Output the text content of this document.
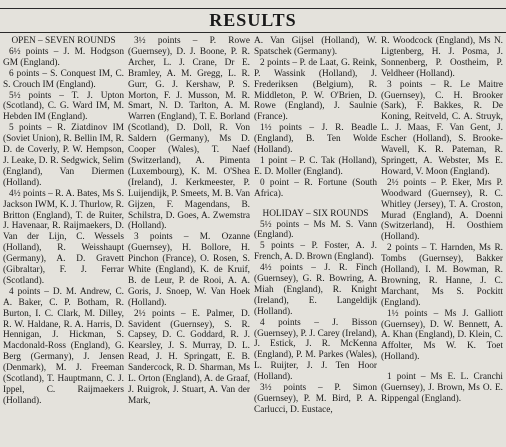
RESULTS

OPEN – SEVEN ROUNDS

6½ points – J. M. Hodgson GM (England).

6 points – S. Conquest IM, C. S. Crouch IM (England).

5½ points – T. J. Upton (Scotland), C. G. Ward IM, M. Hebden IM (England).

5 points – R. Ziatdinov IM (Soviet Union), R. Bellin IM, R. D. de Coverly, P. W. Hempson, J. Leake, D. R. Sedgwick, Selim (England), Van Diermen (Holland).

4½ points – R. A. Bates, Ms S. Jackson IWM, K. J. Thurlow, R. Britton (England), T. de Ruiter, J. Havenaar, R. Raijmaekers, D. Van der Lijn, C. Wessels (Holland), R. Weisshaupt (Germany), A. D. Gravett (Gibraltar), F. J. Ferrar (Scotland).

4 points – D. M. Andrew, C. A. Baker, C. P. Botham, R. Burton, I. C. Clark, M. Dilley, R. W. Haldane, R. A. Harris, D. Hennigan, J. Hickman, S. Macdonald-Ross (England), G. Berg (Germany), J. Jensen (Denmark), M. J. Freeman (Scotland), T. Hauptmann, C. J. Ippel, C. Raijmaekers (Holland).

3½ points – P. Rowe (Guernsey), D. J. Boone, P. R. Archer, L. J. Crane, Dr E. Bramley, A. M. Gregg, L. R. Gurr, G. J. Kershaw, P. S. Morton, F. J. Musson, M. R. Smart, N. D. Tarlton, A. M. Warren (England), T. E. Borland (Scotland), D. Doll, R. Von Saldern (Germany), Ms D. Cooper (Wales), T. Naef (Switzerland), A. Pimenta (Luxembourg), K. M. O'Shea (Ireland), J. Kerkmeester, P. Luijendijk, P. Smeets, M. B. Van Gijzen, F. Magendans, B. Schilstra, D. Goes, A. Zwemstra (Holland).

3 points – M. Ozanne (Guernsey), H. Bollore, H. Pinchon (France), O. Rosen, S. White (England), K. de Kruif, B. de Leur, P. de Rooi, A. A. Goris, J. Snoep, W. Van Hoek (Holland).

2½ points – E. Palmer, D. Savident (Guernsey), S. R. Capsey, D. C. Goddard, R. J. Kearsley, J. S. Murray, D. L. Read, J. H. Springatt, E. B. Sandercock, R. D. Sharman, Ms L. Orton (England), A. de Graaf, J. Ruigrok, J. Stuart, A. Van der Mark,

A. Van Gijsel (Holland), W. Spatschek (Germany).

2 points – P. de Laat, G. Reink, P. Wassink (Holland), J. Frederiksen (Belgium), R. Middleton, P. W. O'Brien, D. Rowe (England), J. Saulnie (France).

1½ points – J. R. Beadle (England), B. Ten Wolde (Holland).

1 point – P. C. Tak (Holland), E. D. Moller (England).

0 point – R. Fortune (South Africa).

HOLIDAY – SIX ROUNDS

5½ points – Ms M. S. Vann (England).

5 points – P. Foster, A. J. French, A. D. Brown (England).

4½ points – J. R. Finch (Guernsey), G. R. Bowring, A. Miah (England), R. Knight (Ireland), E. Langeldijk (Holland).

4 points – J. Bisson (Guernsey), P. J. Carey (Ireland), J. Estick, J. R. McKenna (England), P. M. Parkes (Wales), L. Ruijter, J. J. Ten Hoor (Holland).

3½ points – P. Simon (Guernsey), P. M. Bird, P. A. Carlucci, D. Eustace,

R. Woodcock (England), Ms N. Ligtenberg, H. J. Posma, J. Sonnenberg, P. Oostheim, P. Veldheer (Holland).

3 points – R. Le Maitre (Guernsey), C. H. Brooker (Sark), F. Bakkes, R. De Koning, Reitveld, C. A. Struyk, L. J. Maas, F. Van Gent, J. Escher (Holland), S. Brooke-Wavell, K. R. Pateman, R. Springett, A. Webster, Ms E. Howard, V. Moon (England).

2½ points – P. Eker, Mrs P. Woodward (Guernsey), R. C. Whitley (Jersey), T. A. Croston, Murad (England), A. Doenni (Switzerland), H. Oosthiem (Holland).

2 points – T. Harnden, Ms R. Tombs (Guernsey), Bakker (Holland), I. M. Bowman, R. Browning, R. Hanne, J. C. Marchant, Ms S. Pockitt (England).

1½ points – Ms J. Galliott (Guernsey), D. W. Bennett, A. A. Khan (England), D. Klein, C. Affolter, Ms W. K. Toet (Holland).

1 point – Ms E. L. Cranchi (Guernsey), J. Brown, Ms O. E. Rippengal (England).
